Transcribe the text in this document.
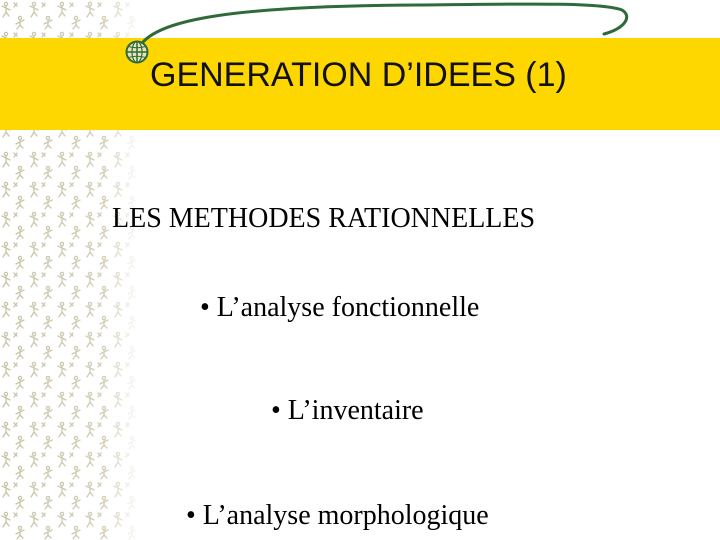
GENERATION D’IDEES (1)
LES METHODES RATIONNELLES
• L’analyse fonctionnelle
• L’inventaire
• L’analyse morphologique
